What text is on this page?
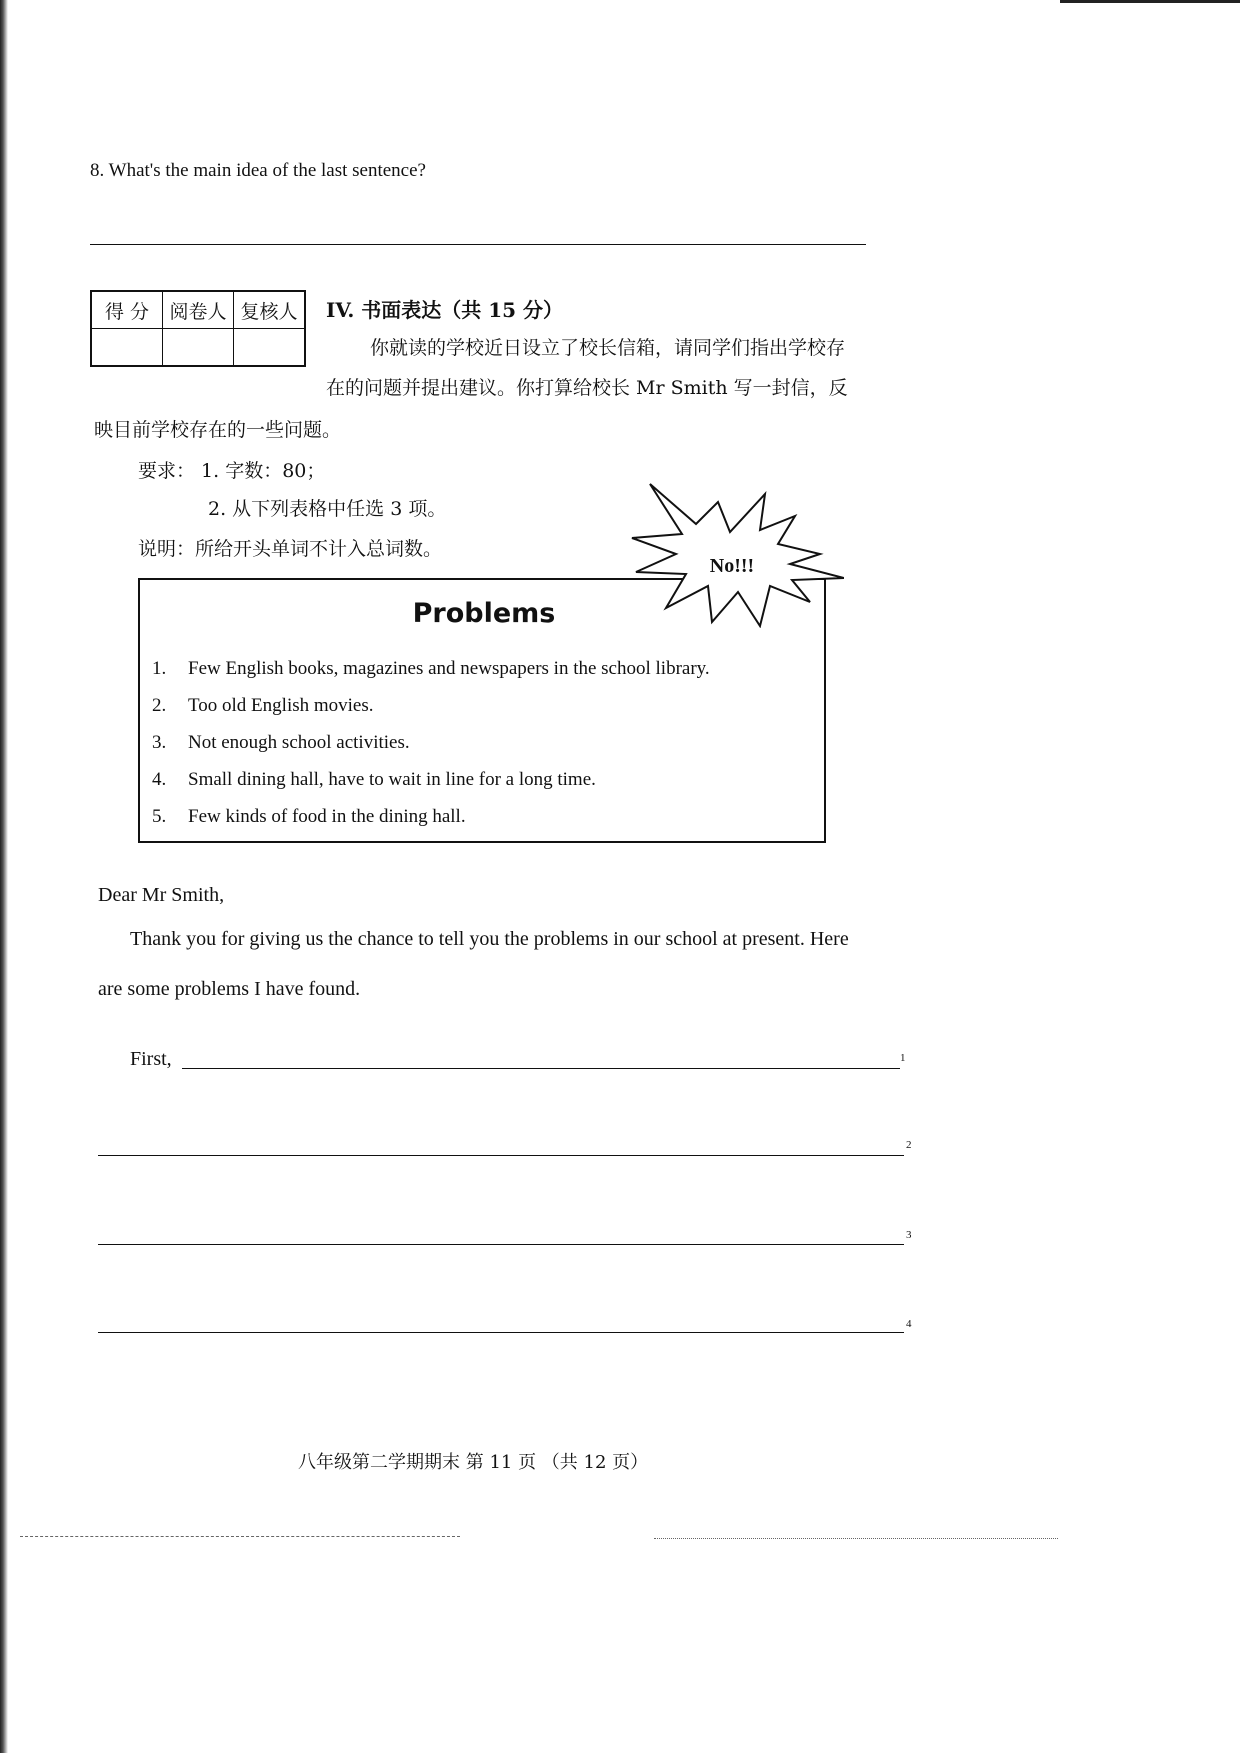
8. What's the main idea of the last sentence?
得 分	阅卷人	复核人
		IV. 书面表达（共 15 分）
你就读的学校近日设立了校长信箱，请同学们指出学校存
在的问题并提出建议。你打算给校长 Mr Smith 写一封信，反
映目前学校存在的一些问题。
要求： 1. 字数：80；
2. 从下列表格中任选 3 项。
说明：所给开头单词不计入总词数。
Problems
1. Few English books, magazines and newspapers in the school library.
2. Too old English movies.
3. Not enough school activities.
4. Small dining hall, have to wait in line for a long time.
5. Few kinds of food in the dining hall.
No!!!
Dear Mr Smith,
Thank you for giving us the chance to tell you the problems in our school at present. Here
are some problems I have found.
First,	1
2
3
4
八年级第二学期期末 第 11 页 （共 12 页）
